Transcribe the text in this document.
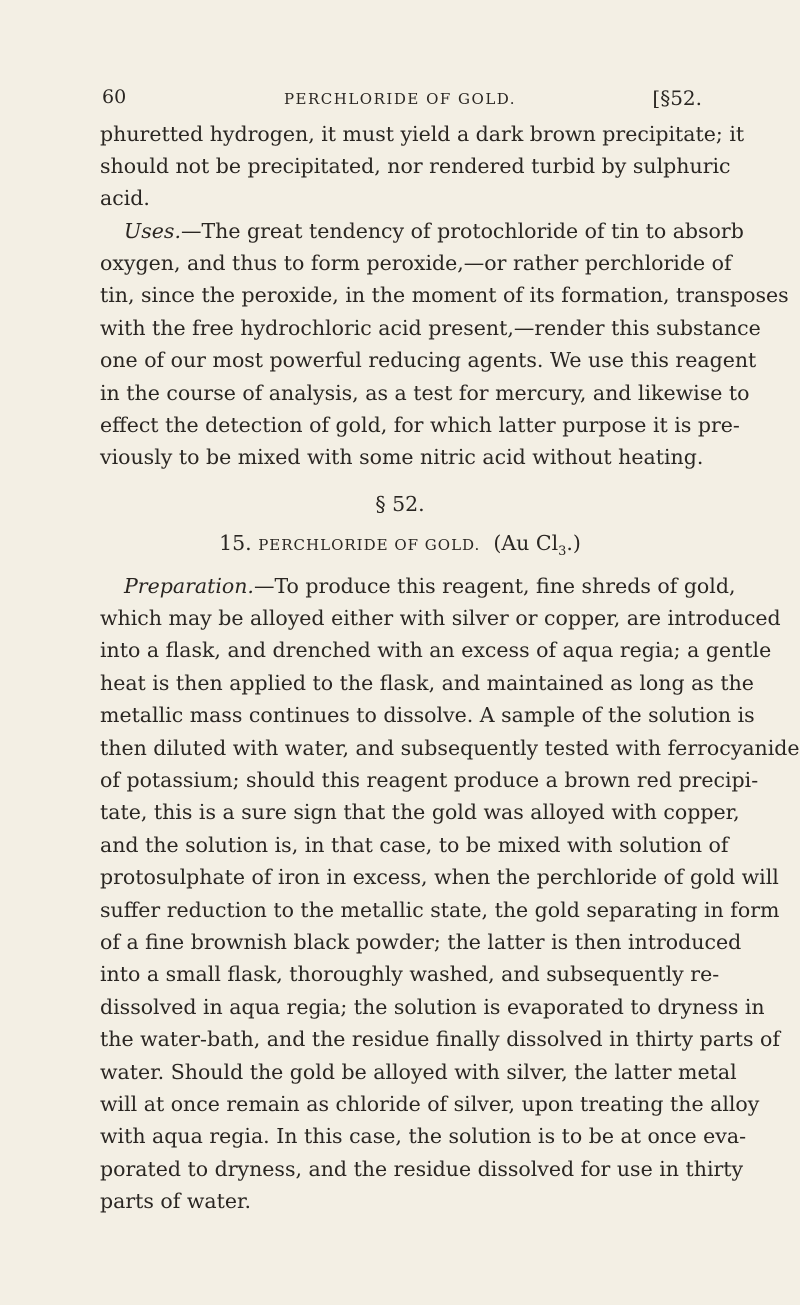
60	PERCHLORIDE OF GOLD.	[§52.
phuretted hydrogen, it must yield a dark brown precipitate; it
should not be precipitated, nor rendered turbid by sulphuric
acid.
Uses.—The great tendency of protochloride of tin to absorb
oxygen, and thus to form peroxide,—or rather perchloride of
tin, since the peroxide, in the moment of its formation, transposes
with the free hydrochloric acid present,—render this substance
one of our most powerful reducing agents. We use this reagent
in the course of analysis, as a test for mercury, and likewise to
effect the detection of gold, for which latter purpose it is pre-
viously to be mixed with some nitric acid without heating.
§ 52.
15. PERCHLORIDE OF GOLD. (Au $Cl_3$.)
Preparation.—To produce this reagent, fine shreds of gold,
which may be alloyed either with silver or copper, are introduced
into a flask, and drenched with an excess of aqua regia; a gentle
heat is then applied to the flask, and maintained as long as the
metallic mass continues to dissolve. A sample of the solution is
then diluted with water, and subsequently tested with ferrocyanide
of potassium; should this reagent produce a brown red precipi-
tate, this is a sure sign that the gold was alloyed with copper,
and the solution is, in that case, to be mixed with solution of
protosulphate of iron in excess, when the perchloride of gold will
suffer reduction to the metallic state, the gold separating in form
of a fine brownish black powder; the latter is then introduced
into a small flask, thoroughly washed, and subsequently re-
dissolved in aqua regia; the solution is evaporated to dryness in
the water-bath, and the residue finally dissolved in thirty parts of
water. Should the gold be alloyed with silver, the latter metal
will at once remain as chloride of silver, upon treating the alloy
with aqua regia. In this case, the solution is to be at once eva-
porated to dryness, and the residue dissolved for use in thirty
parts of water.
